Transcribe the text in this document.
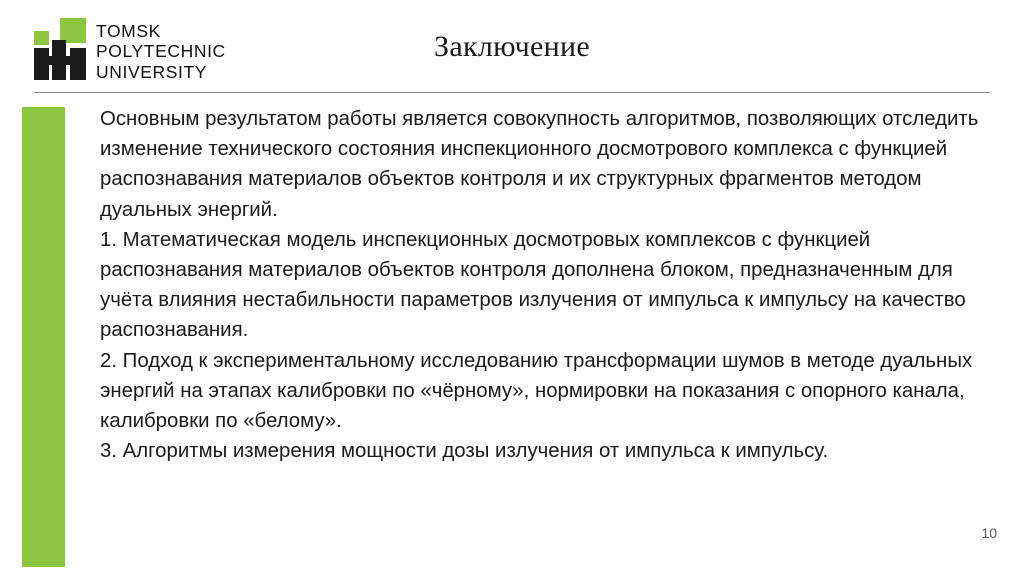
TOMSK
POLYTECHNIC
UNIVERSITY
Заключение

Основным результатом работы является совокупность алгоритмов, позволяющих отследить изменение технического состояния инспекционного досмотрового комплекса с функцией распознавания материалов объектов контроля и их структурных фрагментов методом дуальных энергий.

1. Математическая модель инспекционных досмотровых комплексов с функцией распознавания материалов объектов контроля дополнена блоком, предназначенным для учёта влияния нестабильности параметров излучения от импульса к импульсу на качество распознавания.

2. Подход к экспериментальному исследованию трансформации шумов в методе дуальных энергий на этапах калибровки по «чёрному», нормировки на показания с опорного канала, калибровки по «белому».

3. Алгоритмы измерения мощности дозы излучения от импульса к импульсу.

10
